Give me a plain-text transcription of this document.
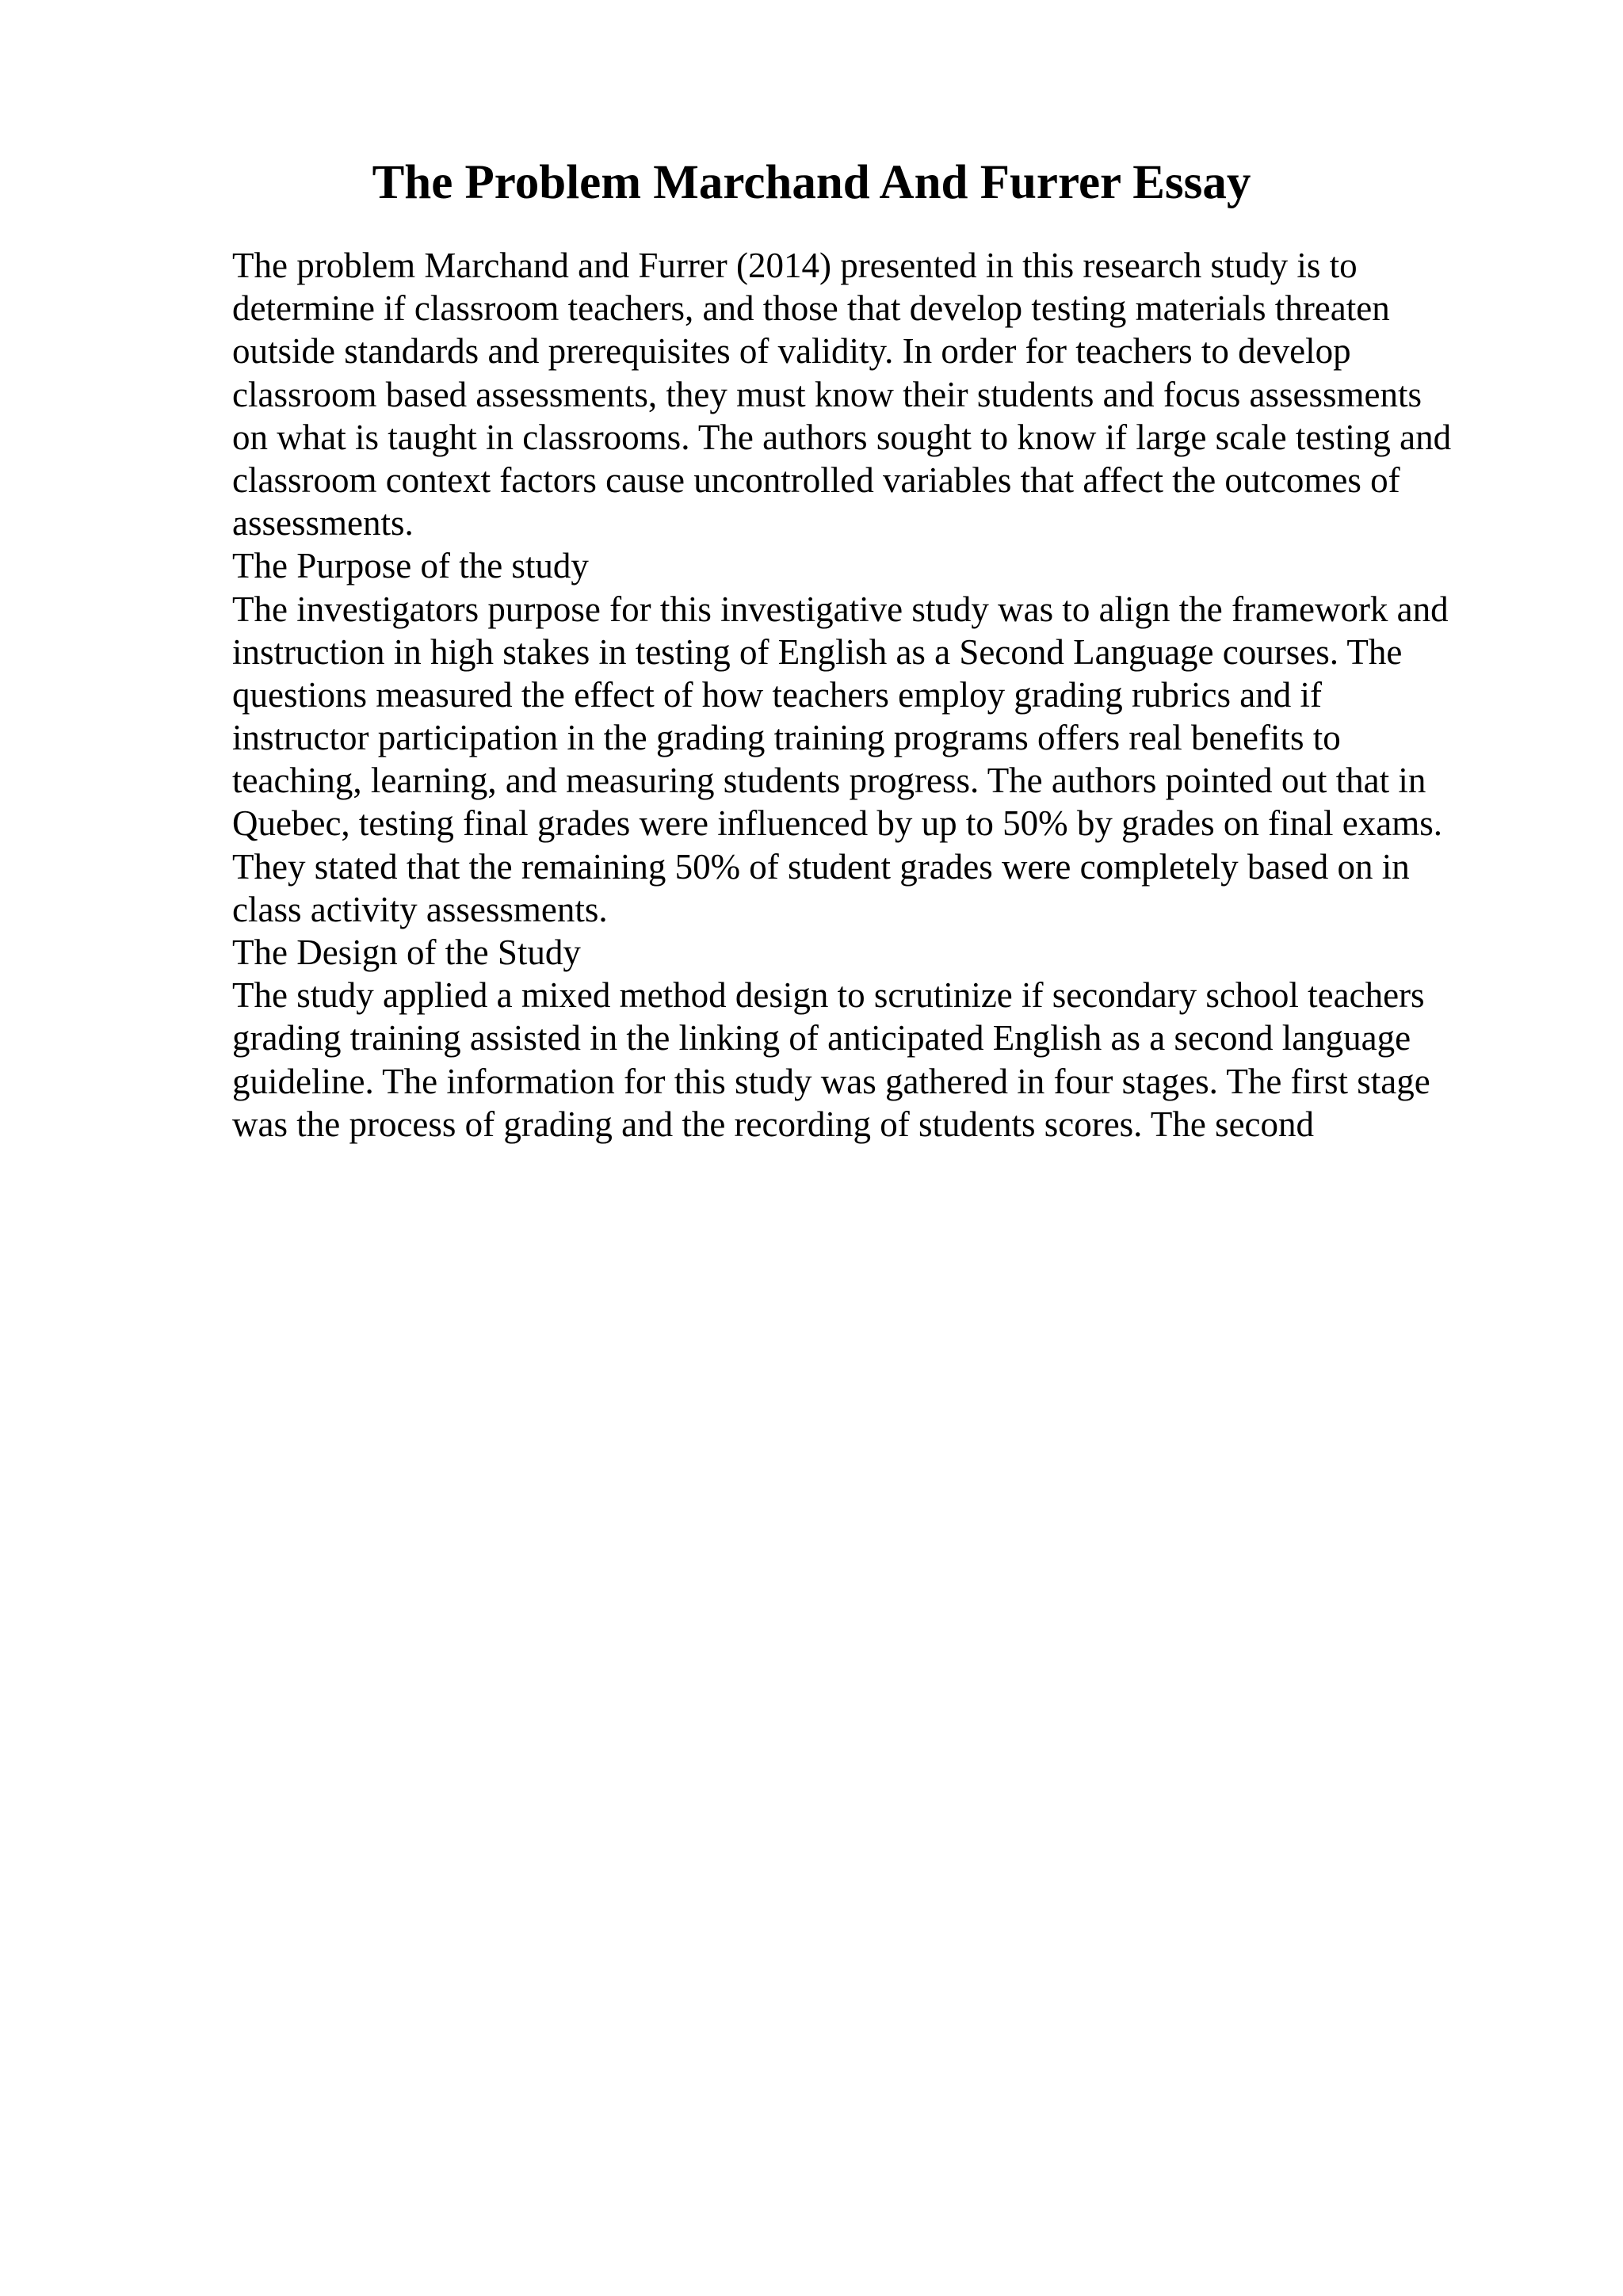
The Problem Marchand And Furrer Essay
The problem Marchand and Furrer (2014) presented in this research study is to
determine if classroom teachers, and those that develop testing materials threaten
outside standards and prerequisites of validity. In order for teachers to develop
classroom based assessments, they must know their students and focus assessments
on what is taught in classrooms. The authors sought to know if large scale testing and
classroom context factors cause uncontrolled variables that affect the outcomes of
assessments.
The Purpose of the study
The investigators purpose for this investigative study was to align the framework and
instruction in high stakes in testing of English as a Second Language courses. The
questions measured the effect of how teachers employ grading rubrics and if
instructor participation in the grading training programs offers real benefits to
teaching, learning, and measuring students progress. The authors pointed out that in
Quebec, testing final grades were influenced by up to 50% by grades on final exams.
They stated that the remaining 50% of student grades were completely based on in
class activity assessments.
The Design of the Study
The study applied a mixed method design to scrutinize if secondary school teachers
grading training assisted in the linking of anticipated English as a second language
guideline. The information for this study was gathered in four stages. The first stage
was the process of grading and the recording of students scores. The second
